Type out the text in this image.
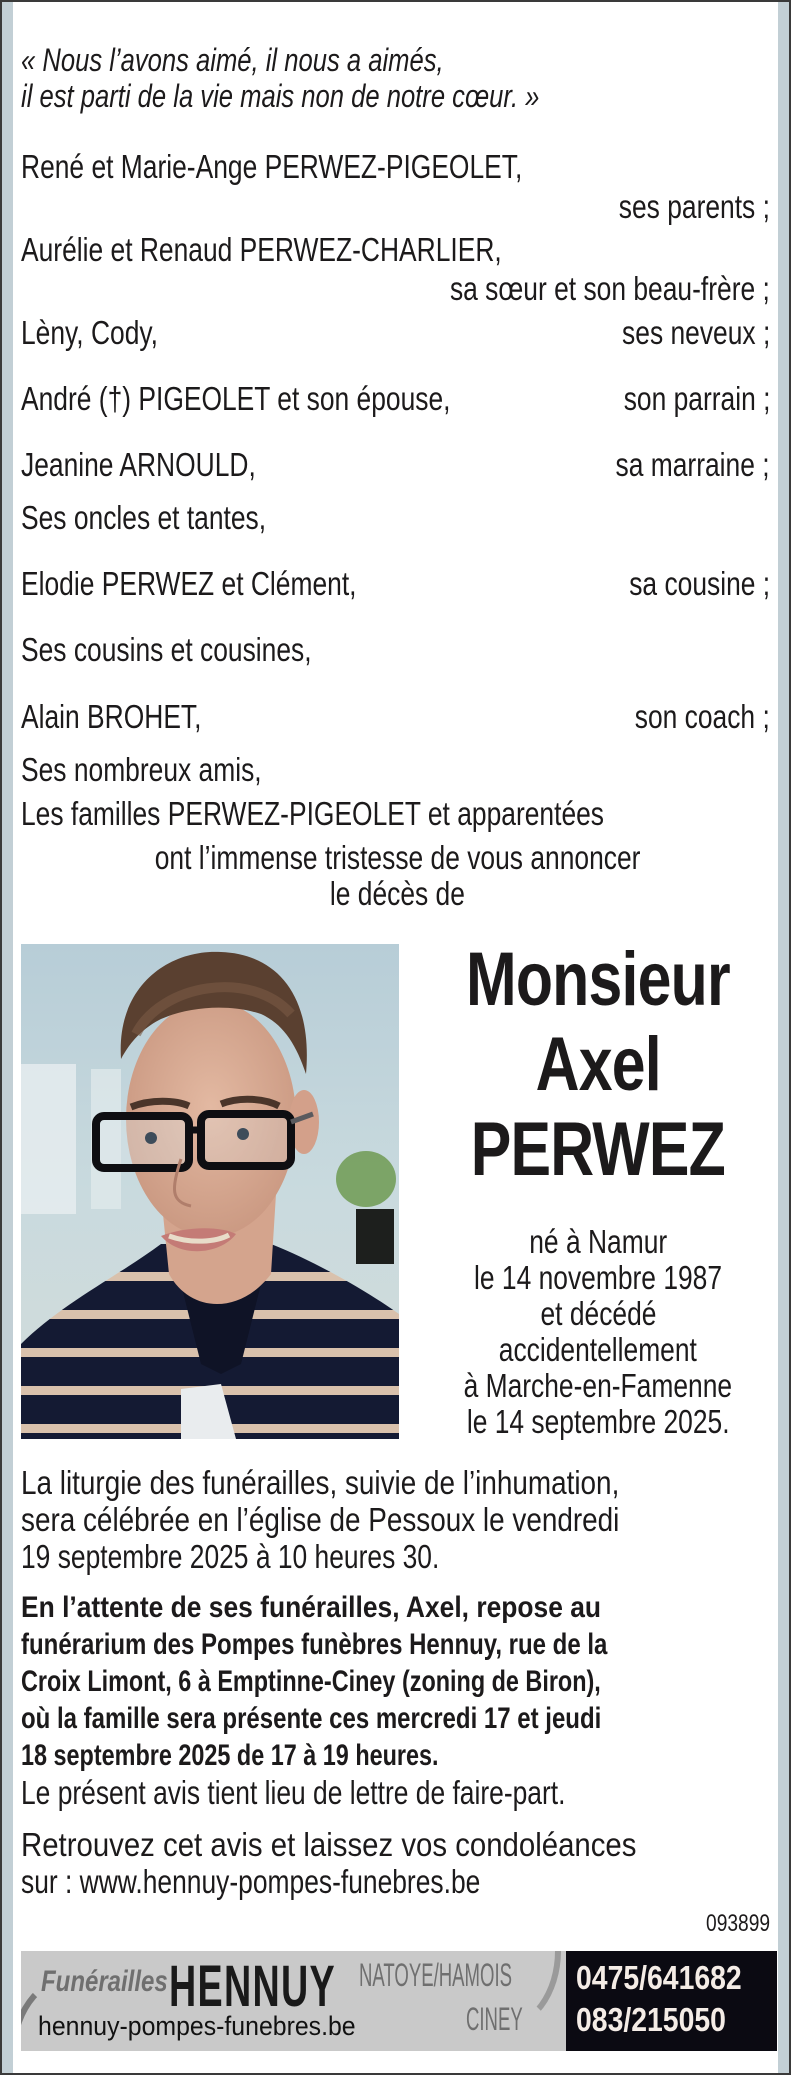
« Nous l’avons aimé, il nous a aimés,
il est parti de la vie mais non de notre cœur. »
René et Marie-Ange PERWEZ-PIGEOLET,
ses parents ;
Aurélie et Renaud PERWEZ-CHARLIER,
sa sœur et son beau-frère ;
Lèny, Cody,	ses neveux ;
André (†) PIGEOLET et son épouse,	son parrain ;
Jeanine ARNOULD,	sa marraine ;
Ses oncles et tantes,
Elodie PERWEZ et Clément,	sa cousine ;
Ses cousins et cousines,
Alain BROHET,	son coach ;
Ses nombreux amis,
Les familles PERWEZ-PIGEOLET et apparentées
ont l’immense tristesse de vous annoncer
le décès de
Monsieur
Axel
PERWEZ
né à Namur
le 14 novembre 1987
et décédé
accidentellement
à Marche-en-Famenne
le 14 septembre 2025.
La liturgie des funérailles, suivie de l’inhumation,
sera célébrée en l’église de Pessoux le vendredi
19 septembre 2025 à 10 heures 30.
En l’attente de ses funérailles, Axel, repose au
funérarium des Pompes funèbres Hennuy, rue de la
Croix Limont, 6 à Emptinne-Ciney (zoning de Biron),
où la famille sera présente ces mercredi 17 et jeudi
18 septembre 2025 de 17 à 19 heures.
Le présent avis tient lieu de lettre de faire-part.
Retrouvez cet avis et laissez vos condoléances
sur : www.hennuy-pompes-funebres.be
093899
Funérailles HENNUY NATOYE/HAMOIS
CINEY
hennuy-pompes-funebres.be
0475/641682
083/215050
